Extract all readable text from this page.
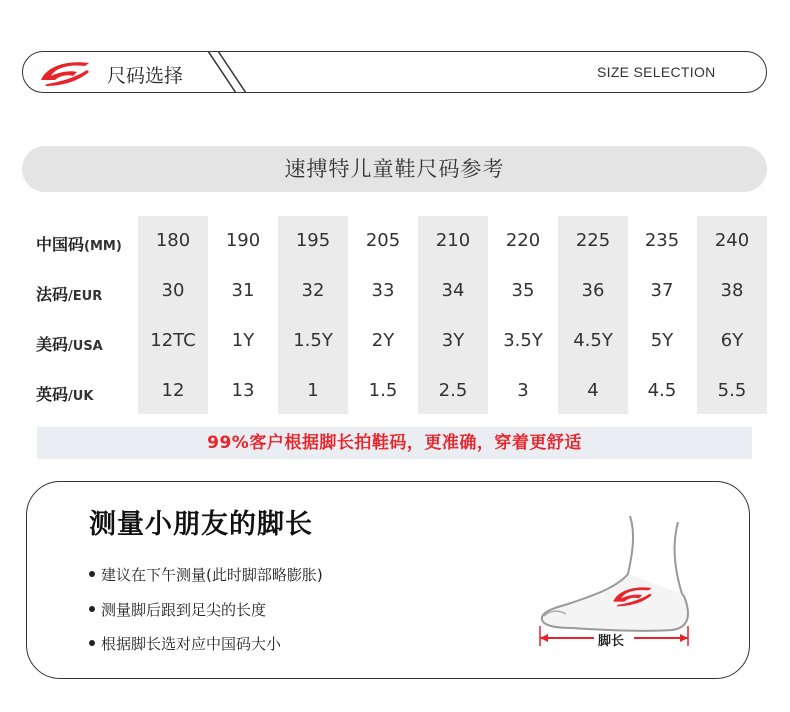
尺码选择	SIZE SELECTION
速搏特儿童鞋尺码参考
中国码(MM)	180	190	195	205	210	220	225	235	240
法码/EUR	30	31	32	33	34	35	36	37	38
美码/USA	12TC	1Y	1.5Y	2Y	3Y	3.5Y	4.5Y	5Y	6Y
英码/UK	12	13	1	1.5	2.5	3	4	4.5	5.5
99%客户根据脚长拍鞋码，更准确，穿着更舒适
测量小朋友的脚长
建议在下午测量(此时脚部略膨胀)
测量脚后跟到足尖的长度
根据脚长选对应中国码大小	脚长
